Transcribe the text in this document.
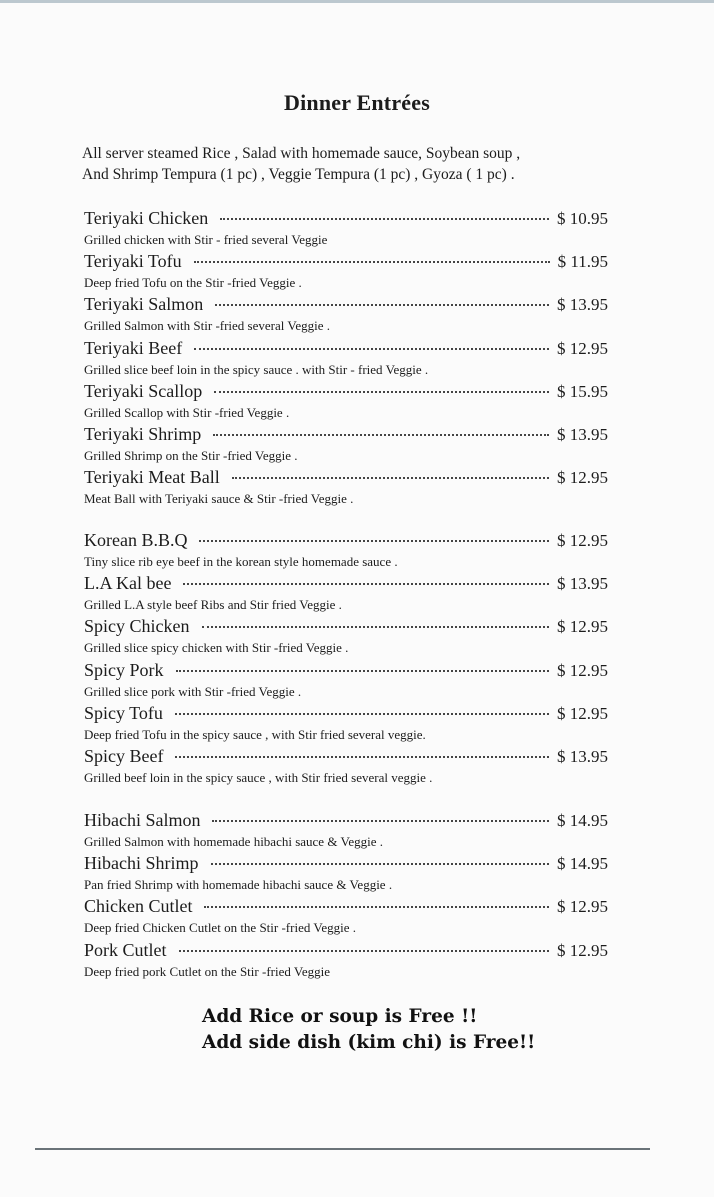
Dinner Entrées
All server steamed Rice , Salad with homemade sauce, Soybean soup ,
And Shrimp Tempura (1 pc) , Veggie Tempura (1 pc) , Gyoza ( 1 pc) .
Teriyaki Chicken	$ 10.95
Grilled chicken with Stir - fried several Veggie
Teriyaki Tofu	$ 11.95
Deep fried Tofu on the Stir -fried Veggie .
Teriyaki Salmon	$ 13.95
Grilled Salmon with Stir -fried several Veggie .
Teriyaki Beef	$ 12.95
Grilled slice beef loin in the spicy sauce . with Stir - fried Veggie .
Teriyaki Scallop	$ 15.95
Grilled Scallop with Stir -fried Veggie .
Teriyaki Shrimp	$ 13.95
Grilled Shrimp on the Stir -fried Veggie .
Teriyaki Meat Ball	$ 12.95
Meat Ball with Teriyaki sauce & Stir -fried Veggie .
Korean B.B.Q	$ 12.95
Tiny slice rib eye beef in the korean style homemade sauce .
L.A Kal bee	$ 13.95
Grilled L.A style beef Ribs and Stir fried Veggie .
Spicy Chicken	$ 12.95
Grilled slice spicy chicken with Stir -fried Veggie .
Spicy Pork	$ 12.95
Grilled slice pork with Stir -fried Veggie .
Spicy Tofu	$ 12.95
Deep fried Tofu in the spicy sauce , with Stir fried several veggie.
Spicy Beef	$ 13.95
Grilled beef loin in the spicy sauce , with Stir fried several veggie .
Hibachi Salmon	$ 14.95
Grilled Salmon with homemade hibachi sauce & Veggie .
Hibachi Shrimp	$ 14.95
Pan fried Shrimp with homemade hibachi sauce & Veggie .
Chicken Cutlet	$ 12.95
Deep fried Chicken Cutlet on the Stir -fried Veggie .
Pork Cutlet	$ 12.95
Deep fried pork Cutlet on the Stir -fried Veggie
Add Rice or soup is Free !!
Add side dish (kim chi) is Free!!
